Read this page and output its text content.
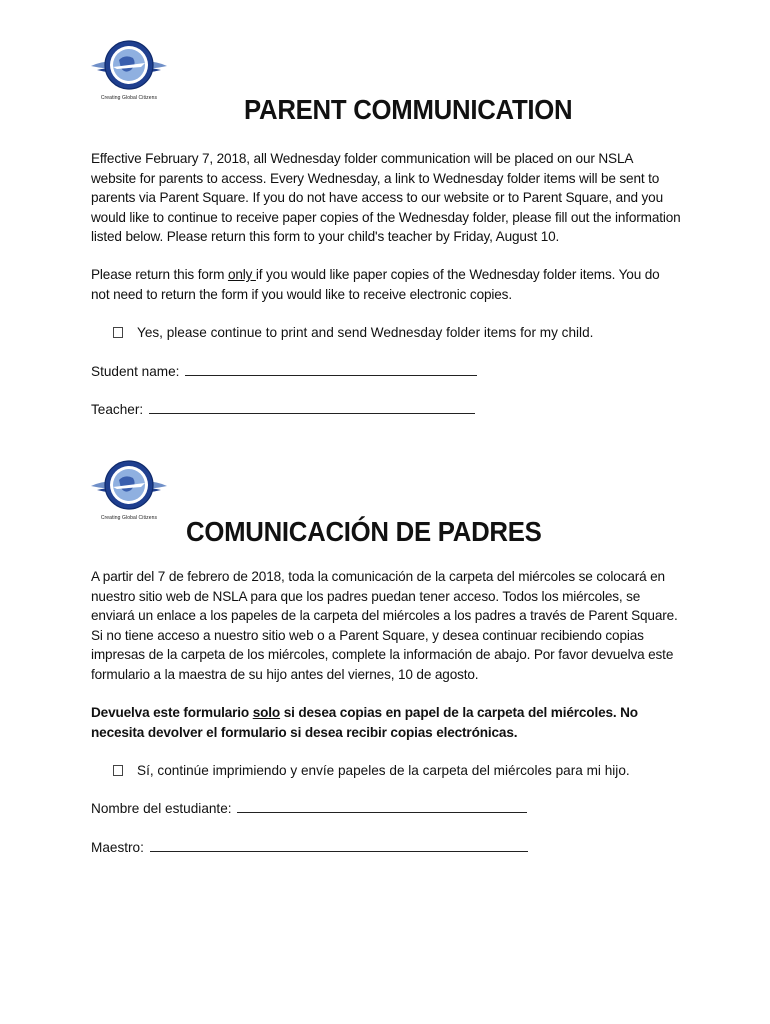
Creating Global Citizens	PARENT COMMUNICATION

Effective February 7, 2018, all Wednesday folder communication will be placed on our NSLA website for parents to access. Every Wednesday, a link to Wednesday folder items will be sent to parents via Parent Square. If you do not have access to our website or to Parent Square, and you would like to continue to receive paper copies of the Wednesday folder, please fill out the information listed below. Please return this form to your child's teacher by Friday, August 10.

Please return this form only if you would like paper copies of the Wednesday folder items. You do not need to return the form if you would like to receive electronic copies.

Yes, please continue to print and send Wednesday folder items for my child.
Student name:
Teacher:
Creating Global Citizens	COMUNICACIÓN DE PADRES

A partir del 7 de febrero de 2018, toda la comunicación de la carpeta del miércoles se colocará en nuestro sitio web de NSLA para que los padres puedan tener acceso. Todos los miércoles, se enviará un enlace a los papeles de la carpeta del miércoles a los padres a través de Parent Square. Si no tiene acceso a nuestro sitio web o a Parent Square, y desea continuar recibiendo copias impresas de la carpeta de los miércoles, complete la información de abajo. Por favor devuelva este formulario a la maestra de su hijo antes del viernes, 10 de agosto.

Devuelva este formulario solo si desea copias en papel de la carpeta del miércoles. No necesita devolver el formulario si desea recibir copias electrónicas.

Sí, continúe imprimiendo y envíe papeles de la carpeta del miércoles para mi hijo.
Nombre del estudiante:
Maestro:
